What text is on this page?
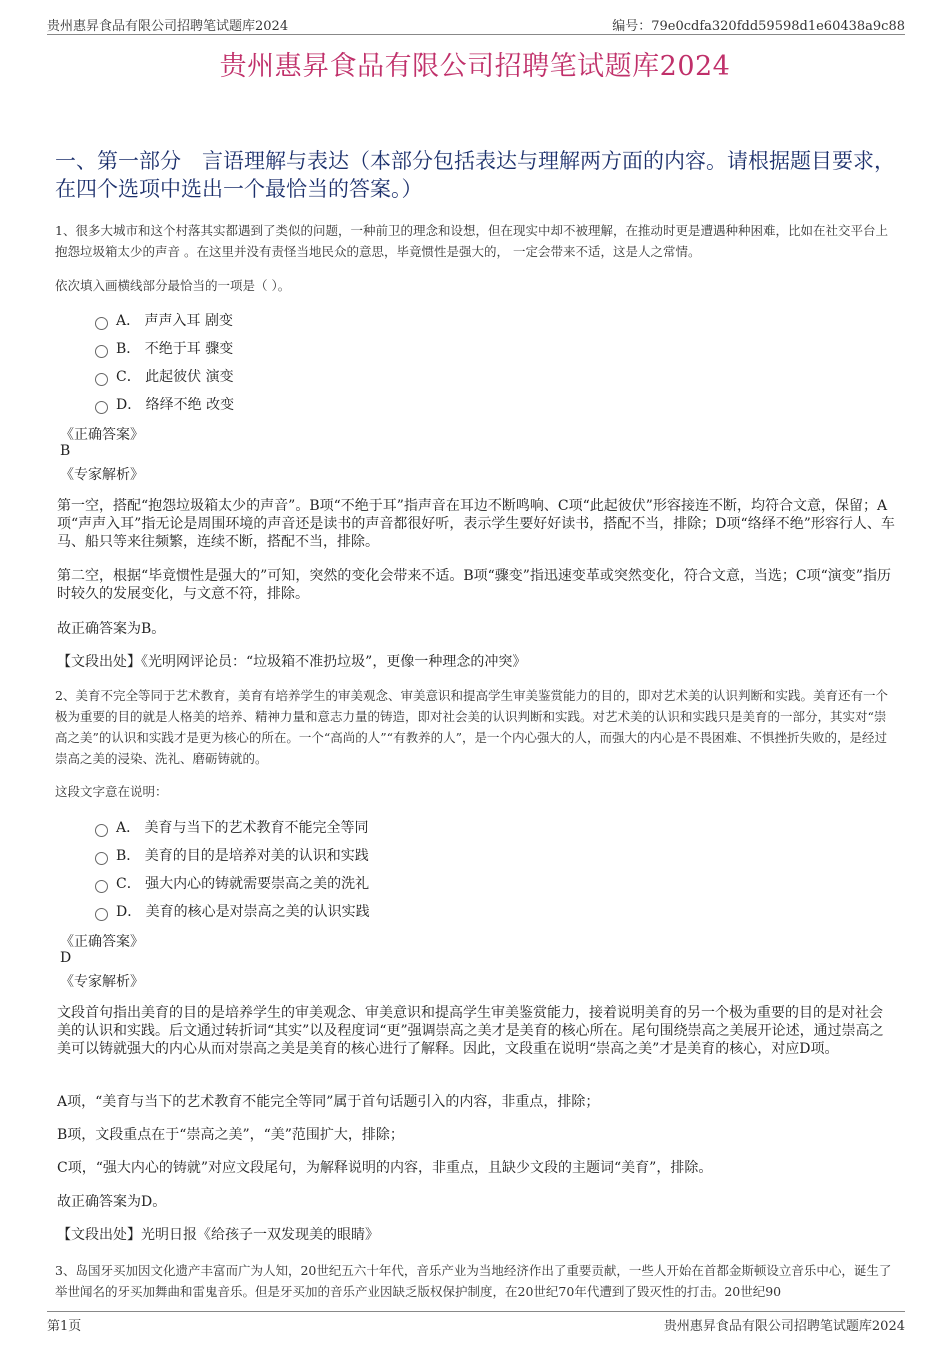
贵州惠昇食品有限公司招聘笔试题库2024	编号：79e0cdfa320fdd59598d1e60438a9c88
贵州惠昇食品有限公司招聘笔试题库2024
一、第一部分　言语理解与表达（本部分包括表达与理解两方面的内容。请根据题目要求，在四个选项中选出一个最恰当的答案。）
1、很多大城市和这个村落其实都遇到了类似的问题，一种前卫的理念和设想，但在现实中却不被理解，在推动时更是遭遇种种困难，比如在社交平台上抱怨垃圾箱太少的声音 。在这里并没有责怪当地民众的意思，毕竟惯性是强大的， 一定会带来不适，这是人之常情。
依次填入画横线部分最恰当的一项是（ ）。
A． 声声入耳 剧变
B． 不绝于耳 骤变
C． 此起彼伏 演变
D． 络绎不绝 改变
《正确答案》
B
《专家解析》
第一空，搭配“抱怨垃圾箱太少的声音”。B项“不绝于耳”指声音在耳边不断鸣响、C项“此起彼伏”形容接连不断，均符合文意，保留；A项“声声入耳”指无论是周围环境的声音还是读书的声音都很好听，表示学生要好好读书，搭配不当，排除；D项“络绎不绝”形容行人、车马、船只等来往频繁，连续不断，搭配不当，排除。
第二空，根据“毕竟惯性是强大的”可知，突然的变化会带来不适。B项“骤变”指迅速变革或突然变化，符合文意，当选；C项“演变”指历时较久的发展变化，与文意不符，排除。
故正确答案为B。
【文段出处】《光明网评论员：“垃圾箱不准扔垃圾”，更像一种理念的冲突》
2、美育不完全等同于艺术教育，美育有培养学生的审美观念、审美意识和提高学生审美鉴赏能力的目的，即对艺术美的认识判断和实践。美育还有一个极为重要的目的就是人格美的培养、精神力量和意志力量的铸造，即对社会美的认识判断和实践。对艺术美的认识和实践只是美育的一部分，其实对“崇高之美”的认识和实践才是更为核心的所在。一个“高尚的人”“有教养的人”，是一个内心强大的人，而强大的内心是不畏困难、不惧挫折失败的，是经过崇高之美的浸染、洗礼、磨砺铸就的。
这段文字意在说明：
A． 美育与当下的艺术教育不能完全等同
B． 美育的目的是培养对美的认识和实践
C． 强大内心的铸就需要崇高之美的洗礼
D． 美育的核心是对崇高之美的认识实践
《正确答案》
D
《专家解析》
文段首句指出美育的目的是培养学生的审美观念、审美意识和提高学生审美鉴赏能力，接着说明美育的另一个极为重要的目的是对社会美的认识和实践。后文通过转折词“其实”以及程度词“更”强调崇高之美才是美育的核心所在。尾句围绕崇高之美展开论述，通过崇高之美可以铸就强大的内心从而对崇高之美是美育的核心进行了解释。因此，文段重在说明“崇高之美”才是美育的核心，对应D项。
A项，“美育与当下的艺术教育不能完全等同”属于首句话题引入的内容，非重点，排除；
B项，文段重点在于“崇高之美”，“美”范围扩大，排除；
C项，“强大内心的铸就”对应文段尾句，为解释说明的内容，非重点，且缺少文段的主题词“美育”，排除。
故正确答案为D。
【文段出处】光明日报《给孩子一双发现美的眼睛》
3、岛国牙买加因文化遗产丰富而广为人知，20世纪五六十年代，音乐产业为当地经济作出了重要贡献，一些人开始在首都金斯顿设立音乐中心，诞生了举世闻名的牙买加舞曲和雷鬼音乐。但是牙买加的音乐产业因缺乏版权保护制度，在20世纪70年代遭到了毁灭性的打击。20世纪90
第1页	贵州惠昇食品有限公司招聘笔试题库2024
